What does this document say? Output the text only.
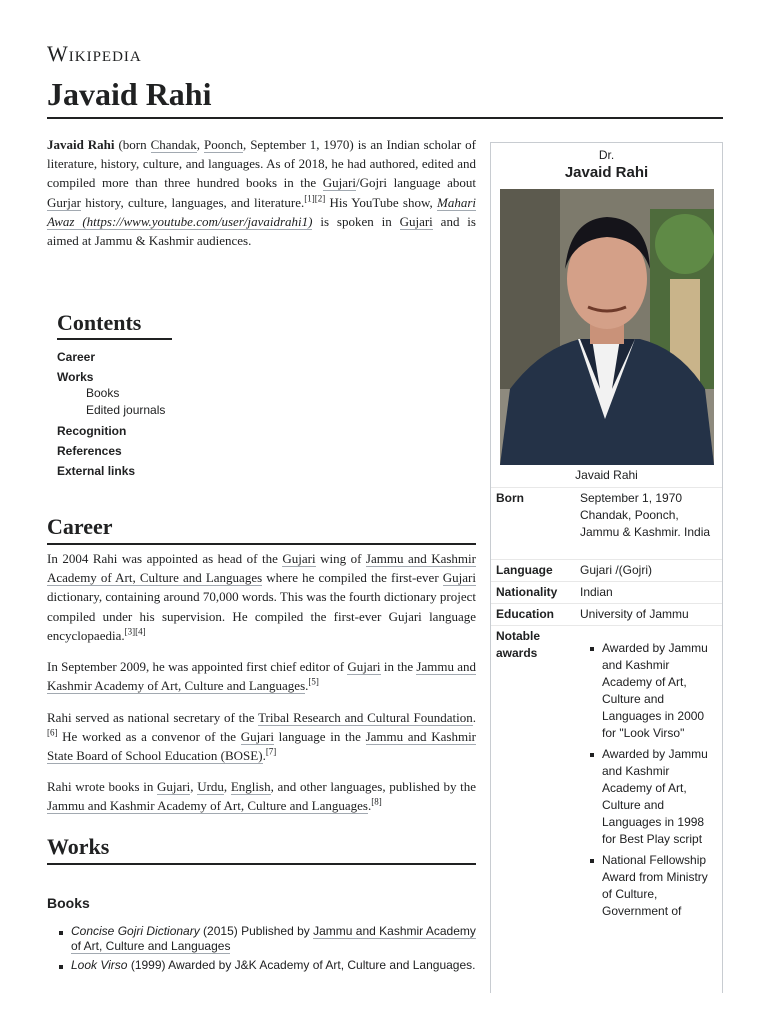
Wikipedia
Javaid Rahi

Javaid Rahi (born Chandak, Poonch, September 1, 1970) is an Indian scholar of literature, history, culture, and languages. As of 2018, he had authored, edited and compiled more than three hundred books in the Gujari/Gojri language about Gurjar history, culture, languages, and literature.[1][2] His YouTube show, Mahari Awaz (https://www.youtube.com/user/javaidrahi1) is spoken in Gujari and is aimed at Jammu & Kashmir audiences.

Contents

Career

Works

Books

Edited journals

Recognition

References

External links

Career

In 2004 Rahi was appointed as head of the Gujari wing of Jammu and Kashmir Academy of Art, Culture and Languages where he compiled the first-ever Gujari dictionary, containing around 70,000 words. This was the fourth dictionary project compiled under his supervision. He compiled the first-ever Gujari language encyclopaedia.[3][4]

In September 2009, he was appointed first chief editor of Gujari in the Jammu and Kashmir Academy of Art, Culture and Languages.[5]

Rahi served as national secretary of the Tribal Research and Cultural Foundation.[6] He worked as a convenor of the Gujari language in the Jammu and Kashmir State Board of School Education (BOSE).[7]

Rahi wrote books in Gujari, Urdu, English, and other languages, published by the Jammu and Kashmir Academy of Art, Culture and Languages.[8]

Works
Books
Concise Gojri Dictionary (2015) Published by Jammu and Kashmir Academy of Art, Culture and Languages
Look Virso (1999) Awarded by J&K Academy of Art, Culture and Languages.
Dr.
Javaid Rahi
Javaid Rahi
Born	September 1, 1970 Chandak, Poonch, Jammu & Kashmir. India
Language	Gujari /(Gojri)
Nationality	Indian
Education	University of Jammu
Notable awards	Awarded by Jammu and Kashmir Academy of Art, Culture and Languages in 2000 for "Look Virso"
Awarded by Jammu and Kashmir Academy of Art, Culture and Languages in 1998 for Best Play script
National Fellowship Award from Ministry of Culture, Government of
